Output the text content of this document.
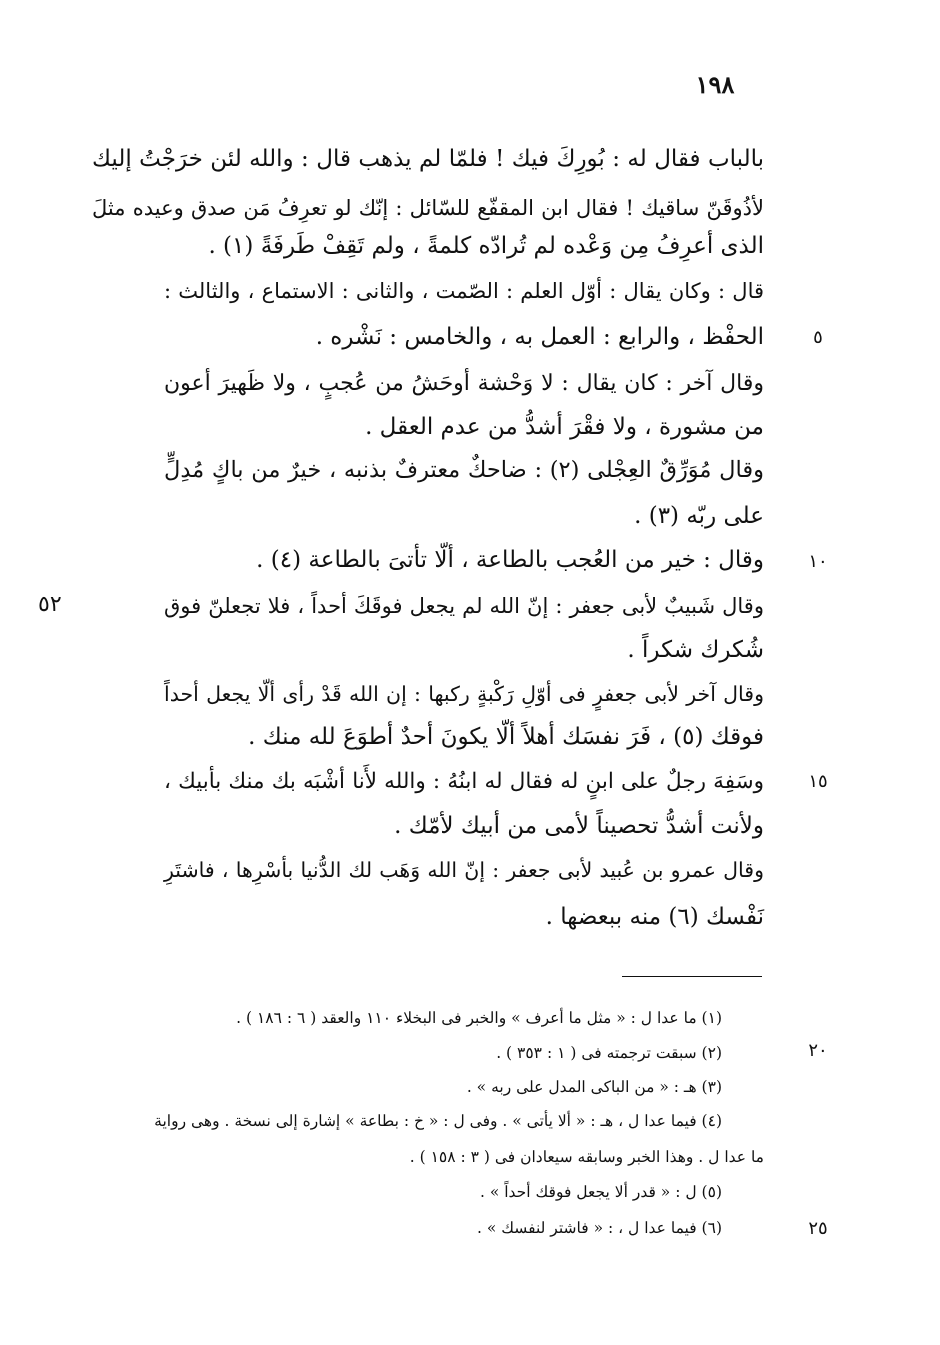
١٩٨
بالباب فقال له : بُورِكَ فيك ! فلمّا لم يذهب قال : والله لئن خرَجْتُ إليك
لأذُوقَنّ ساقيك ! فقال ابن المقفّع للسّائل : إنّك لو تعرِفُ مَن صدق وعيده مثلَ
الذى أعرِفُ مِن وَعْده لم تُرادّه كلمةً ، ولم تَقِفْ طَرفَةً (١) .
قال : وكان يقال : أوّل العلم : الصّمت ، والثانى : الاستماع ، والثالث :
الحفْظ ، والرابع : العمل به ، والخامس : نَشْره .
وقال آخر : كان يقال : لا وَحْشة أوحَشُ من عُجبٍ ، ولا ظَهيرَ أعون
من مشورة ، ولا فقْرَ أشدُّ من عدم العقل .
وقال مُوَرِّقٌ العِجْلى (٢) : ضاحكٌ معترفٌ بذنبه ، خيرٌ من باكٍ مُدِلٍّ
على ربّه (٣) .
وقال : خير من العُجب بالطاعة ، ألّا تأتىَ بالطاعة (٤) .
وقال شَبيبٌ لأبى جعفر : إنّ الله لم يجعل فوقَكَ أحداً ، فلا تجعلنّ فوق
شُكرك شكراً .
وقال آخر لأبى جعفرٍ فى أوّلِ رَكْبةٍ ركبها : إن الله قَدْ رأى ألّا يجعل أحداً
فوقك (٥) ، فَرَ نفسَك أهلاً ألّا يكونَ أحدٌ أطوَعَ لله منك .
وسَفِهَ رجلٌ على ابنٍ له فقال له ابنُهُ : والله لأَنا أشْبَه بك منك بأبيك ،
ولأنت أشدُّ تحصيناً لأمى من أبيك لأمّك .
وقال عمرو بن عُبيد لأبى جعفر : إنّ الله وَهَب لك الدُّنيا بأسْرِها ، فاشتَرِ
نَفْسك (٦) منه ببعضها .
٥
١٠
١٥
٢٠
٢٥
٥٢
(١) ما عدا ل : « مثل ما أعرف » والخبر فى البخلاء ١١٠ والعقد ( ٦ : ١٨٦ ) .
(٢) سبقت ترجمته فى ( ١ : ٣٥٣ ) .
(٣) هـ : « من الباكى المدل على ربه » .
(٤) فيما عدا ل ، هـ : « ألا يأتى » . وفى ل : « خ : بطاعة » إشارة إلى نسخة . وهى رواية
ما عدا ل . وهذا الخبر وسابقه سيعادان فى ( ٣ : ١٥٨ ) .
(٥) ل : « قدر ألا يجعل فوقك أحداً » .
(٦) فيما عدا ل ، : « فاشتر لنفسك » .
